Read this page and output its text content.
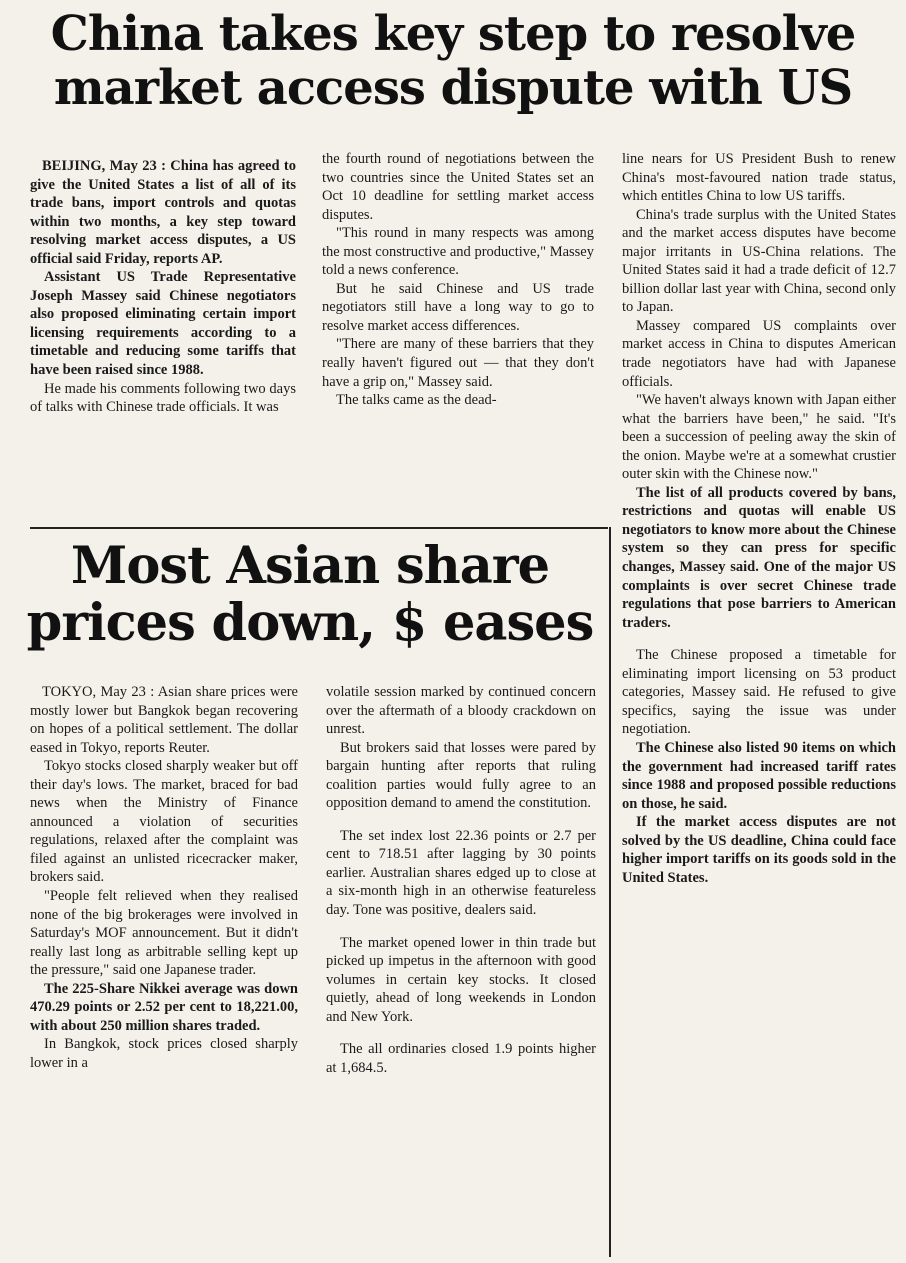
China takes key step to resolve
market access dispute with US

BEIJING, May 23 : China has agreed to give the United States a list of all of its trade bans, import controls and quotas within two months, a key step toward resolving market access disputes, a US official said Friday, reports AP.

Assistant US Trade Representative Joseph Massey said Chinese negotiators also proposed eliminating certain import licensing requirements according to a timetable and reducing some tariffs that have been raised since 1988.

He made his comments following two days of talks with Chinese trade officials. It was

the fourth round of negotiations between the two countries since the United States set an Oct 10 deadline for settling market access disputes.

"This round in many respects was among the most constructive and productive," Massey told a news conference.

But he said Chinese and US trade negotiators still have a long way to go to resolve market access differences.

"There are many of these barriers that they really haven't figured out — that they don't have a grip on," Massey said.

The talks came as the dead-

line nears for US President Bush to renew China's most-favoured nation trade status, which entitles China to low US tariffs.

China's trade surplus with the United States and the market access disputes have become major irritants in US-China relations. The United States said it had a trade deficit of 12.7 billion dollar last year with China, second only to Japan.

Massey compared US complaints over market access in China to disputes American trade negotiators have had with Japanese officials.

"We haven't always known with Japan either what the barriers have been," he said. "It's been a succession of peeling away the skin of the onion. Maybe we're at a somewhat crustier outer skin with the Chinese now."

The list of all products covered by bans, restrictions and quotas will enable US negotiators to know more about the Chinese system so they can press for specific changes, Massey said. One of the major US complaints is over secret Chinese trade regulations that pose barriers to American traders.

The Chinese proposed a timetable for eliminating import licensing on 53 product categories, Massey said. He refused to give specifics, saying the issue was under negotiation.

The Chinese also listed 90 items on which the government had increased tariff rates since 1988 and proposed possible reductions on those, he said.

If the market access disputes are not solved by the US deadline, China could face higher import tariffs on its goods sold in the United States.

Most Asian share
prices down, $ eases

TOKYO, May 23 : Asian share prices were mostly lower but Bangkok began recovering on hopes of a political settlement. The dollar eased in Tokyo, reports Reuter.

Tokyo stocks closed sharply weaker but off their day's lows. The market, braced for bad news when the Ministry of Finance announced a violation of securities regulations, relaxed after the complaint was filed against an unlisted ricecracker maker, brokers said.

"People felt relieved when they realised none of the big brokerages were involved in Saturday's MOF announcement. But it didn't really last long as arbitrable selling kept up the pressure," said one Japanese trader.

The 225-Share Nikkei average was down 470.29 points or 2.52 per cent to 18,221.00, with about 250 million shares traded.

In Bangkok, stock prices closed sharply lower in a

volatile session marked by continued concern over the aftermath of a bloody crackdown on unrest.

But brokers said that losses were pared by bargain hunting after reports that ruling coalition parties would fully agree to an opposition demand to amend the constitution.

The set index lost 22.36 points or 2.7 per cent to 718.51 after lagging by 30 points earlier. Australian shares edged up to close at a six-month high in an otherwise featureless day. Tone was positive, dealers said.

The market opened lower in thin trade but picked up impetus in the afternoon with good volumes in certain key stocks. It closed quietly, ahead of long weekends in London and New York.

The all ordinaries closed 1.9 points higher at 1,684.5.
